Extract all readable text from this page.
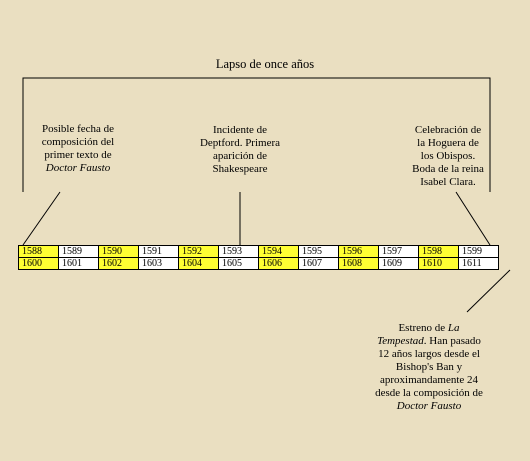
Lapso de once años
Posible fecha de
composición del
primer texto de
Doctor Fausto
Incidente de
Deptford. Primera
aparición de
Shakespeare
Celebración de
la Hoguera de
los Obispos.
Boda de la reina
Isabel Clara.
Estreno de La
Tempestad. Han pasado
12 años largos desde el
Bishop's Ban y
aproximandamente 24
desde la composición de
Doctor Fausto
1588	1589	1590	1591	1592	1593	1594	1595	1596	1597	1598	1599
1600	1601	1602	1603	1604	1605	1606	1607	1608	1609	1610	1611
